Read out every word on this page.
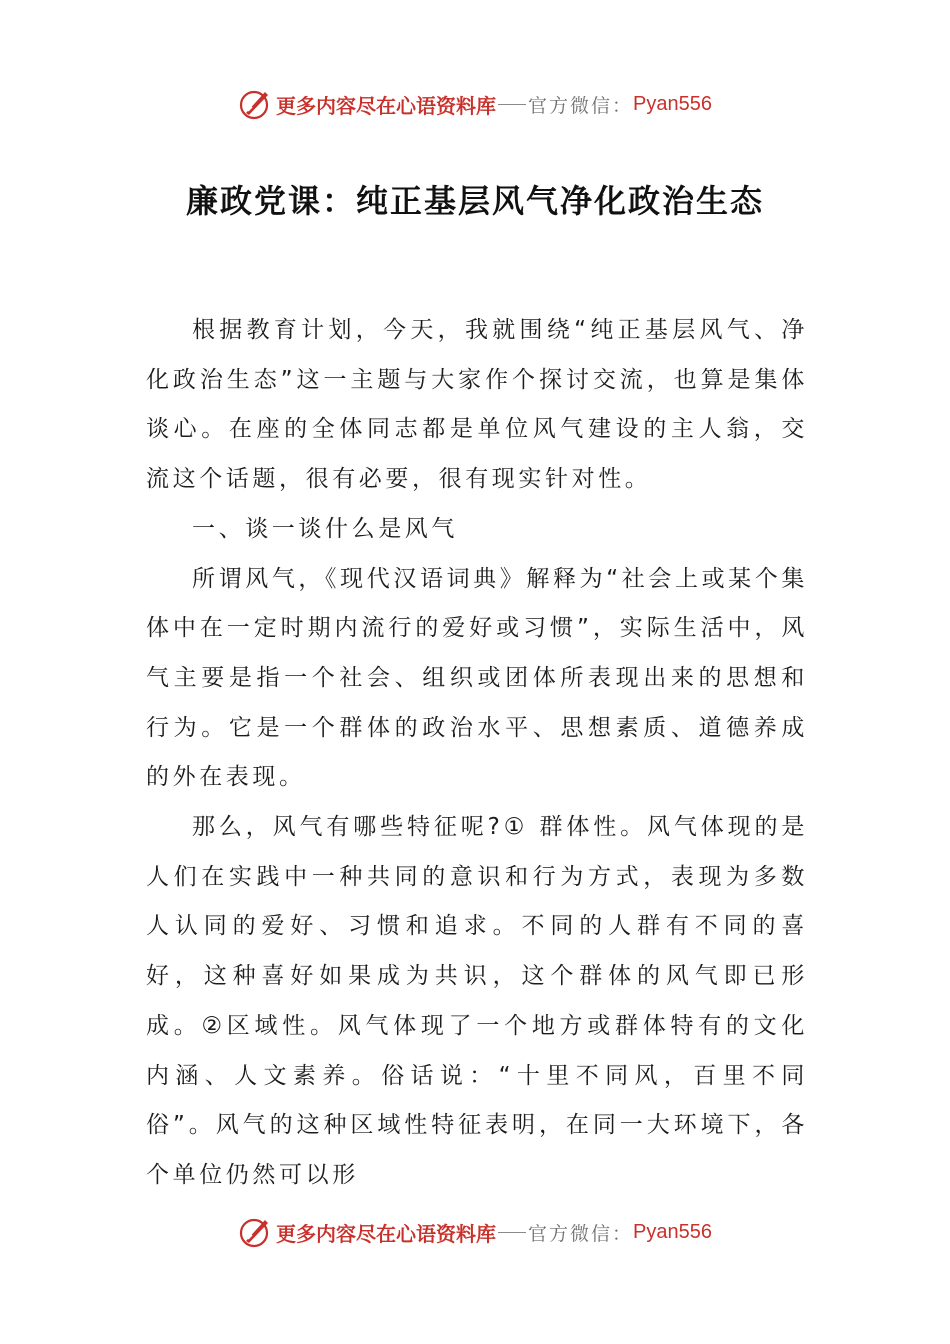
更多内容尽在心语资料库 官方微信： Pyan556
廉政党课：纯正基层风气净化政治生态

根据教育计划，今天，我就围绕“纯正基层风气、净化政治生态”这一主题与大家作个探讨交流，也算是集体谈心。在座的全体同志都是单位风气建设的主人翁，交流这个话题，很有必要，很有现实针对性。

一、谈一谈什么是风气

所谓风气，《现代汉语词典》解释为“社会上或某个集体中在一定时期内流行的爱好或习惯”，实际生活中，风气主要是指一个社会、组织或团体所表现出来的思想和行为。它是一个群体的政治水平、思想素质、道德养成的外在表现。

那么，风气有哪些特征呢?① 群体性。风气体现的是人们在实践中一种共同的意识和行为方式，表现为多数人认同的爱好、习惯和追求。不同的人群有不同的喜好，这种喜好如果成为共识，这个群体的风气即已形成。②区域性。风气体现了一个地方或群体特有的文化内涵、人文素养。俗话说：“十里不同风，百里不同俗”。风气的这种区域性特征表明，在同一大环境下，各个单位仍然可以形

更多内容尽在心语资料库 官方微信： Pyan556
